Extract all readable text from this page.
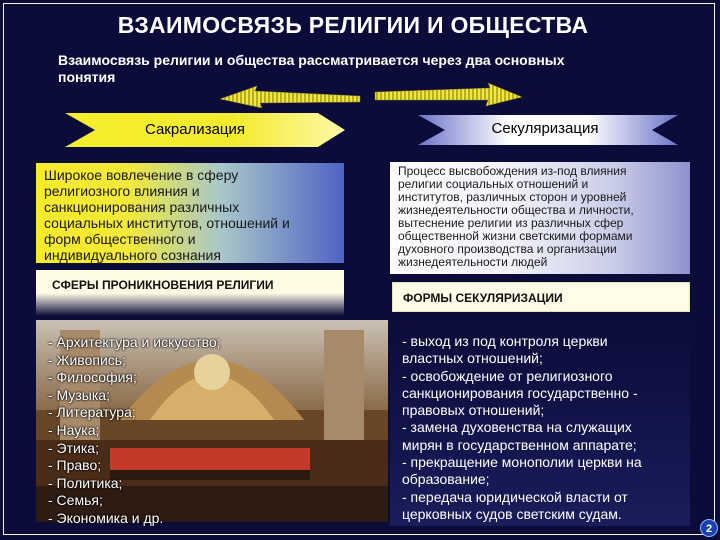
ВЗАИМОСВЯЗЬ РЕЛИГИИ И ОБЩЕСТВА
Взаимосвязь религии и общества рассматривается через два основных
понятия
Сакрализация	Секуляризация
Широкое вовлечение в сферу
религиозного влияния и
санкционирования различных
социальных институтов, отношений и
форм общественного и
индивидуального сознания
Процесс высвобождения из-под влияния
религии социальных отношений и
институтов, различных сторон и уровней
жизнедеятельности общества и личности,
вытеснение религии из различных сфер
общественной жизни светскими формами
духовного производства и организации
жизнедеятельности людей
СФЕРЫ ПРОНИКНОВЕНИЯ РЕЛИГИИ
ФОРМЫ СЕКУЛЯРИЗАЦИИ
- Архитектура и искусство;
- Живопись;
- Философия;
- Музыка;
- Литература;
- Наука;
- Этика;
- Право;
- Политика;
- Семья;
- Экономика и др.
- выход из под контроля церкви
властных отношений;
- освобождение от религиозного
санкционирования государственно -
правовых отношений;
- замена духовенства на служащих
мирян в государственном аппарате;
- прекращение монополии церкви на
образование;
- передача юридической власти от
церковных судов светским судам.
2
